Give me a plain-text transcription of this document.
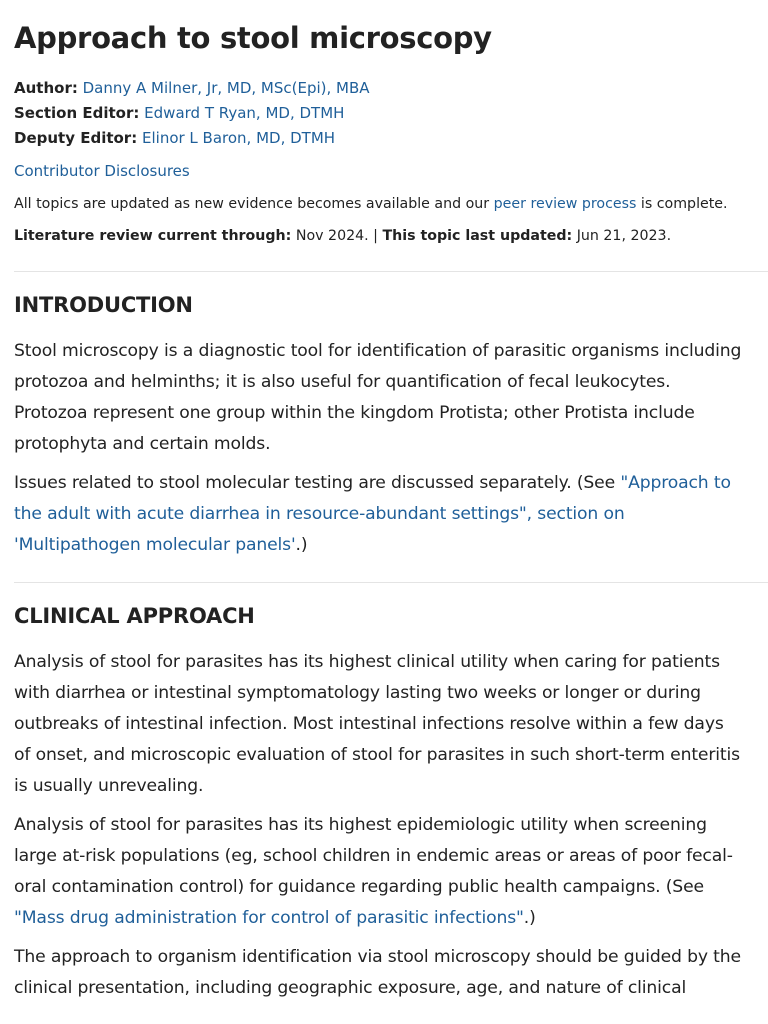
Approach to stool microscopy
Author: Danny A Milner, Jr, MD, MSc(Epi), MBA
Section Editor: Edward T Ryan, MD, DTMH
Deputy Editor: Elinor L Baron, MD, DTMH
Contributor Disclosures
All topics are updated as new evidence becomes available and our peer review process is complete.
Literature review current through: Nov 2024. | This topic last updated: Jun 21, 2023.
INTRODUCTION

Stool microscopy is a diagnostic tool for identification of parasitic organisms including
protozoa and helminths; it is also useful for quantification of fecal leukocytes.
Protozoa represent one group within the kingdom Protista; other Protista include
protophyta and certain molds.

Issues related to stool molecular testing are discussed separately. (See "Approach to
the adult with acute diarrhea in resource-abundant settings", section on
'Multipathogen molecular panels'.)

CLINICAL APPROACH

Analysis of stool for parasites has its highest clinical utility when caring for patients
with diarrhea or intestinal symptomatology lasting two weeks or longer or during
outbreaks of intestinal infection. Most intestinal infections resolve within a few days
of onset, and microscopic evaluation of stool for parasites in such short-term enteritis
is usually unrevealing.

Analysis of stool for parasites has its highest epidemiologic utility when screening
large at-risk populations (eg, school children in endemic areas or areas of poor fecal-
oral contamination control) for guidance regarding public health campaigns. (See
"Mass drug administration for control of parasitic infections".)

The approach to organism identification via stool microscopy should be guided by the
clinical presentation, including geographic exposure, age, and nature of clinical
